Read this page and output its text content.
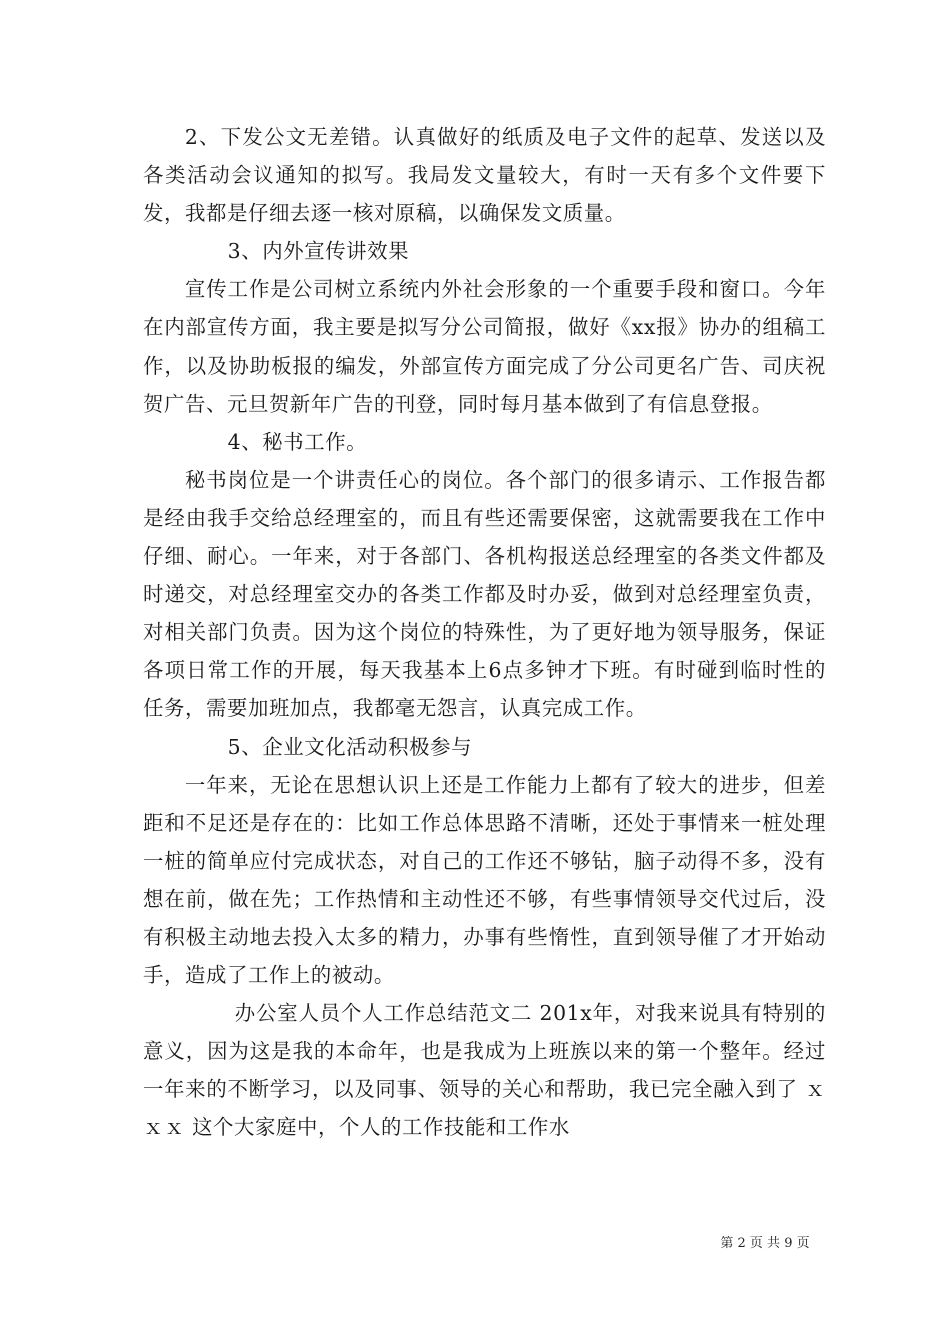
2、下发公文无差错。认真做好的纸质及电子文件的起草、发送以及各类活动会议通知的拟写。我局发文量较大，有时一天有多个文件要下发，我都是仔细去逐一核对原稿，以确保发文质量。

3、内外宣传讲效果

宣传工作是公司树立系统内外社会形象的一个重要手段和窗口。今年在内部宣传方面，我主要是拟写分公司简报，做好《xx报》协办的组稿工作，以及协助板报的编发，外部宣传方面完成了分公司更名广告、司庆祝贺广告、元旦贺新年广告的刊登，同时每月基本做到了有信息登报。

4、秘书工作。

秘书岗位是一个讲责任心的岗位。各个部门的很多请示、工作报告都是经由我手交给总经理室的，而且有些还需要保密，这就需要我在工作中仔细、耐心。一年来，对于各部门、各机构报送总经理室的各类文件都及时递交，对总经理室交办的各类工作都及时办妥，做到对总经理室负责，对相关部门负责。因为这个岗位的特殊性，为了更好地为领导服务，保证各项日常工作的开展，每天我基本上6点多钟才下班。有时碰到临时性的任务，需要加班加点，我都毫无怨言，认真完成工作。

5、企业文化活动积极参与

一年来，无论在思想认识上还是工作能力上都有了较大的进步，但差距和不足还是存在的：比如工作总体思路不清晰，还处于事情来一桩处理一桩的简单应付完成状态，对自己的工作还不够钻，脑子动得不多，没有想在前，做在先；工作热情和主动性还不够，有些事情领导交代过后，没有积极主动地去投入太多的精力，办事有些惰性，直到领导催了才开始动手，造成了工作上的被动。

办公室人员个人工作总结范文二 201x年，对我来说具有特别的意义，因为这是我的本命年，也是我成为上班族以来的第一个整年。经过一年来的不断学习，以及同事、领导的关心和帮助，我已完全融入到了 ｘｘｘ 这个大家庭中，个人的工作技能和工作水

第 2 页 共 9 页
